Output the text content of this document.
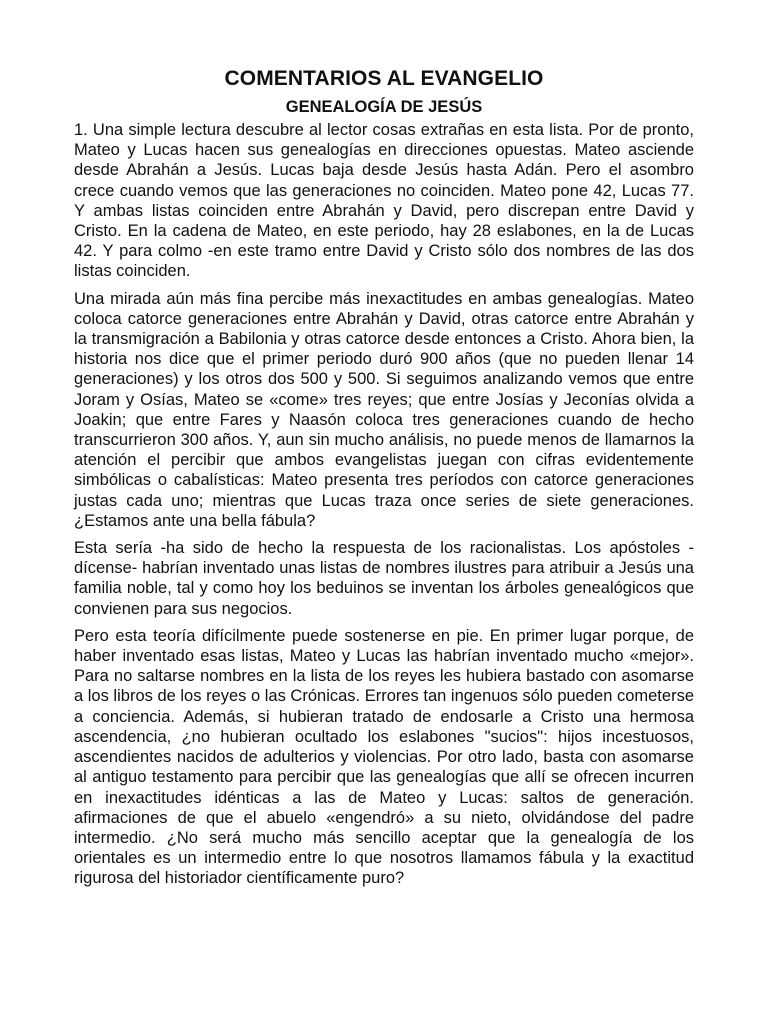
COMENTARIOS AL EVANGELIO
GENEALOGÍA DE JESÚS

1. Una simple lectura descubre al lector cosas extrañas en esta lista. Por de pronto, Mateo y Lucas hacen sus genealogías en direcciones opuestas. Mateo asciende desde Abrahán a Jesús. Lucas baja desde Jesús hasta Adán. Pero el asombro crece cuando vemos que las generaciones no coinciden. Mateo pone 42, Lucas 77. Y ambas listas coinciden entre Abrahán y David, pero discrepan entre David y Cristo. En la cadena de Mateo, en este periodo, hay 28 eslabones, en la de Lucas 42. Y para colmo -en este tramo entre David y Cristo sólo dos nombres de las dos listas coinciden.

Una mirada aún más fina percibe más inexactitudes en ambas genealogías. Mateo coloca catorce generaciones entre Abrahán y David, otras catorce entre Abrahán y la transmigración a Babilonia y otras catorce desde entonces a Cristo. Ahora bien, la historia nos dice que el primer periodo duró 900 años (que no pueden llenar 14 generaciones) y los otros dos 500 y 500. Si seguimos analizando vemos que entre Joram y Osías, Mateo se «come» tres reyes; que entre Josías y Jeconías olvida a Joakin; que entre Fares y Naasón coloca tres generaciones cuando de hecho transcurrieron 300 años. Y, aun sin mucho análisis, no puede menos de llamarnos la atención el percibir que ambos evangelistas juegan con cifras evidentemente simbólicas o cabalísticas: Mateo presenta tres períodos con catorce generaciones justas cada uno; mientras que Lucas traza once series de siete generaciones. ¿Estamos ante una bella fábula?

Esta sería -ha sido de hecho la respuesta de los racionalistas. Los apóstoles -dícense- habrían inventado unas listas de nombres ilustres para atribuir a Jesús una familia noble, tal y como hoy los beduinos se inventan los árboles genealógicos que convienen para sus negocios.

Pero esta teoría difícilmente puede sostenerse en pie. En primer lugar porque, de haber inventado esas listas, Mateo y Lucas las habrían inventado mucho «mejor». Para no saltarse nombres en la lista de los reyes les hubiera bastado con asomarse a los libros de los reyes o las Crónicas. Errores tan ingenuos sólo pueden cometerse a conciencia. Además, si hubieran tratado de endosarle a Cristo una hermosa ascendencia, ¿no hubieran ocultado los eslabones "sucios": hijos incestuosos, ascendientes nacidos de adulterios y violencias. Por otro lado, basta con asomarse al antiguo testamento para percibir que las genealogías que allí se ofrecen incurren en inexactitudes idénticas a las de Mateo y Lucas: saltos de generación. afirmaciones de que el abuelo «engendró» a su nieto, olvidándose del padre intermedio. ¿No será mucho más sencillo aceptar que la genealogía de los orientales es un intermedio entre lo que nosotros llamamos fábula y la exactitud rigurosa del historiador científicamente puro?
